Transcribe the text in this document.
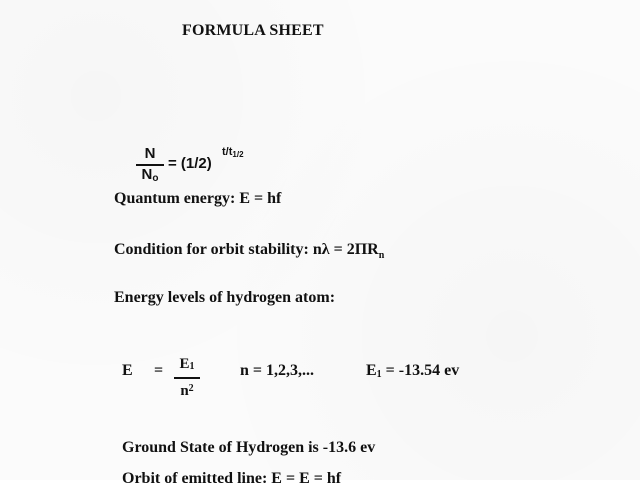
FORMULA SHEET
N
$N_o$
= (1/2)
$t/t_{1/2}$
Quantum energy: E = hf
Condition for orbit stability: $n\lambda = 2\Pi R_n$
Energy levels of hydrogen atom:
E =	$E_1$
$n^2$
n = 1,2,3,...	$E_1 = -13.54$ ev
Ground State of Hydrogen is -13.6 ev
Orbit of emitted line: E = E = hf
